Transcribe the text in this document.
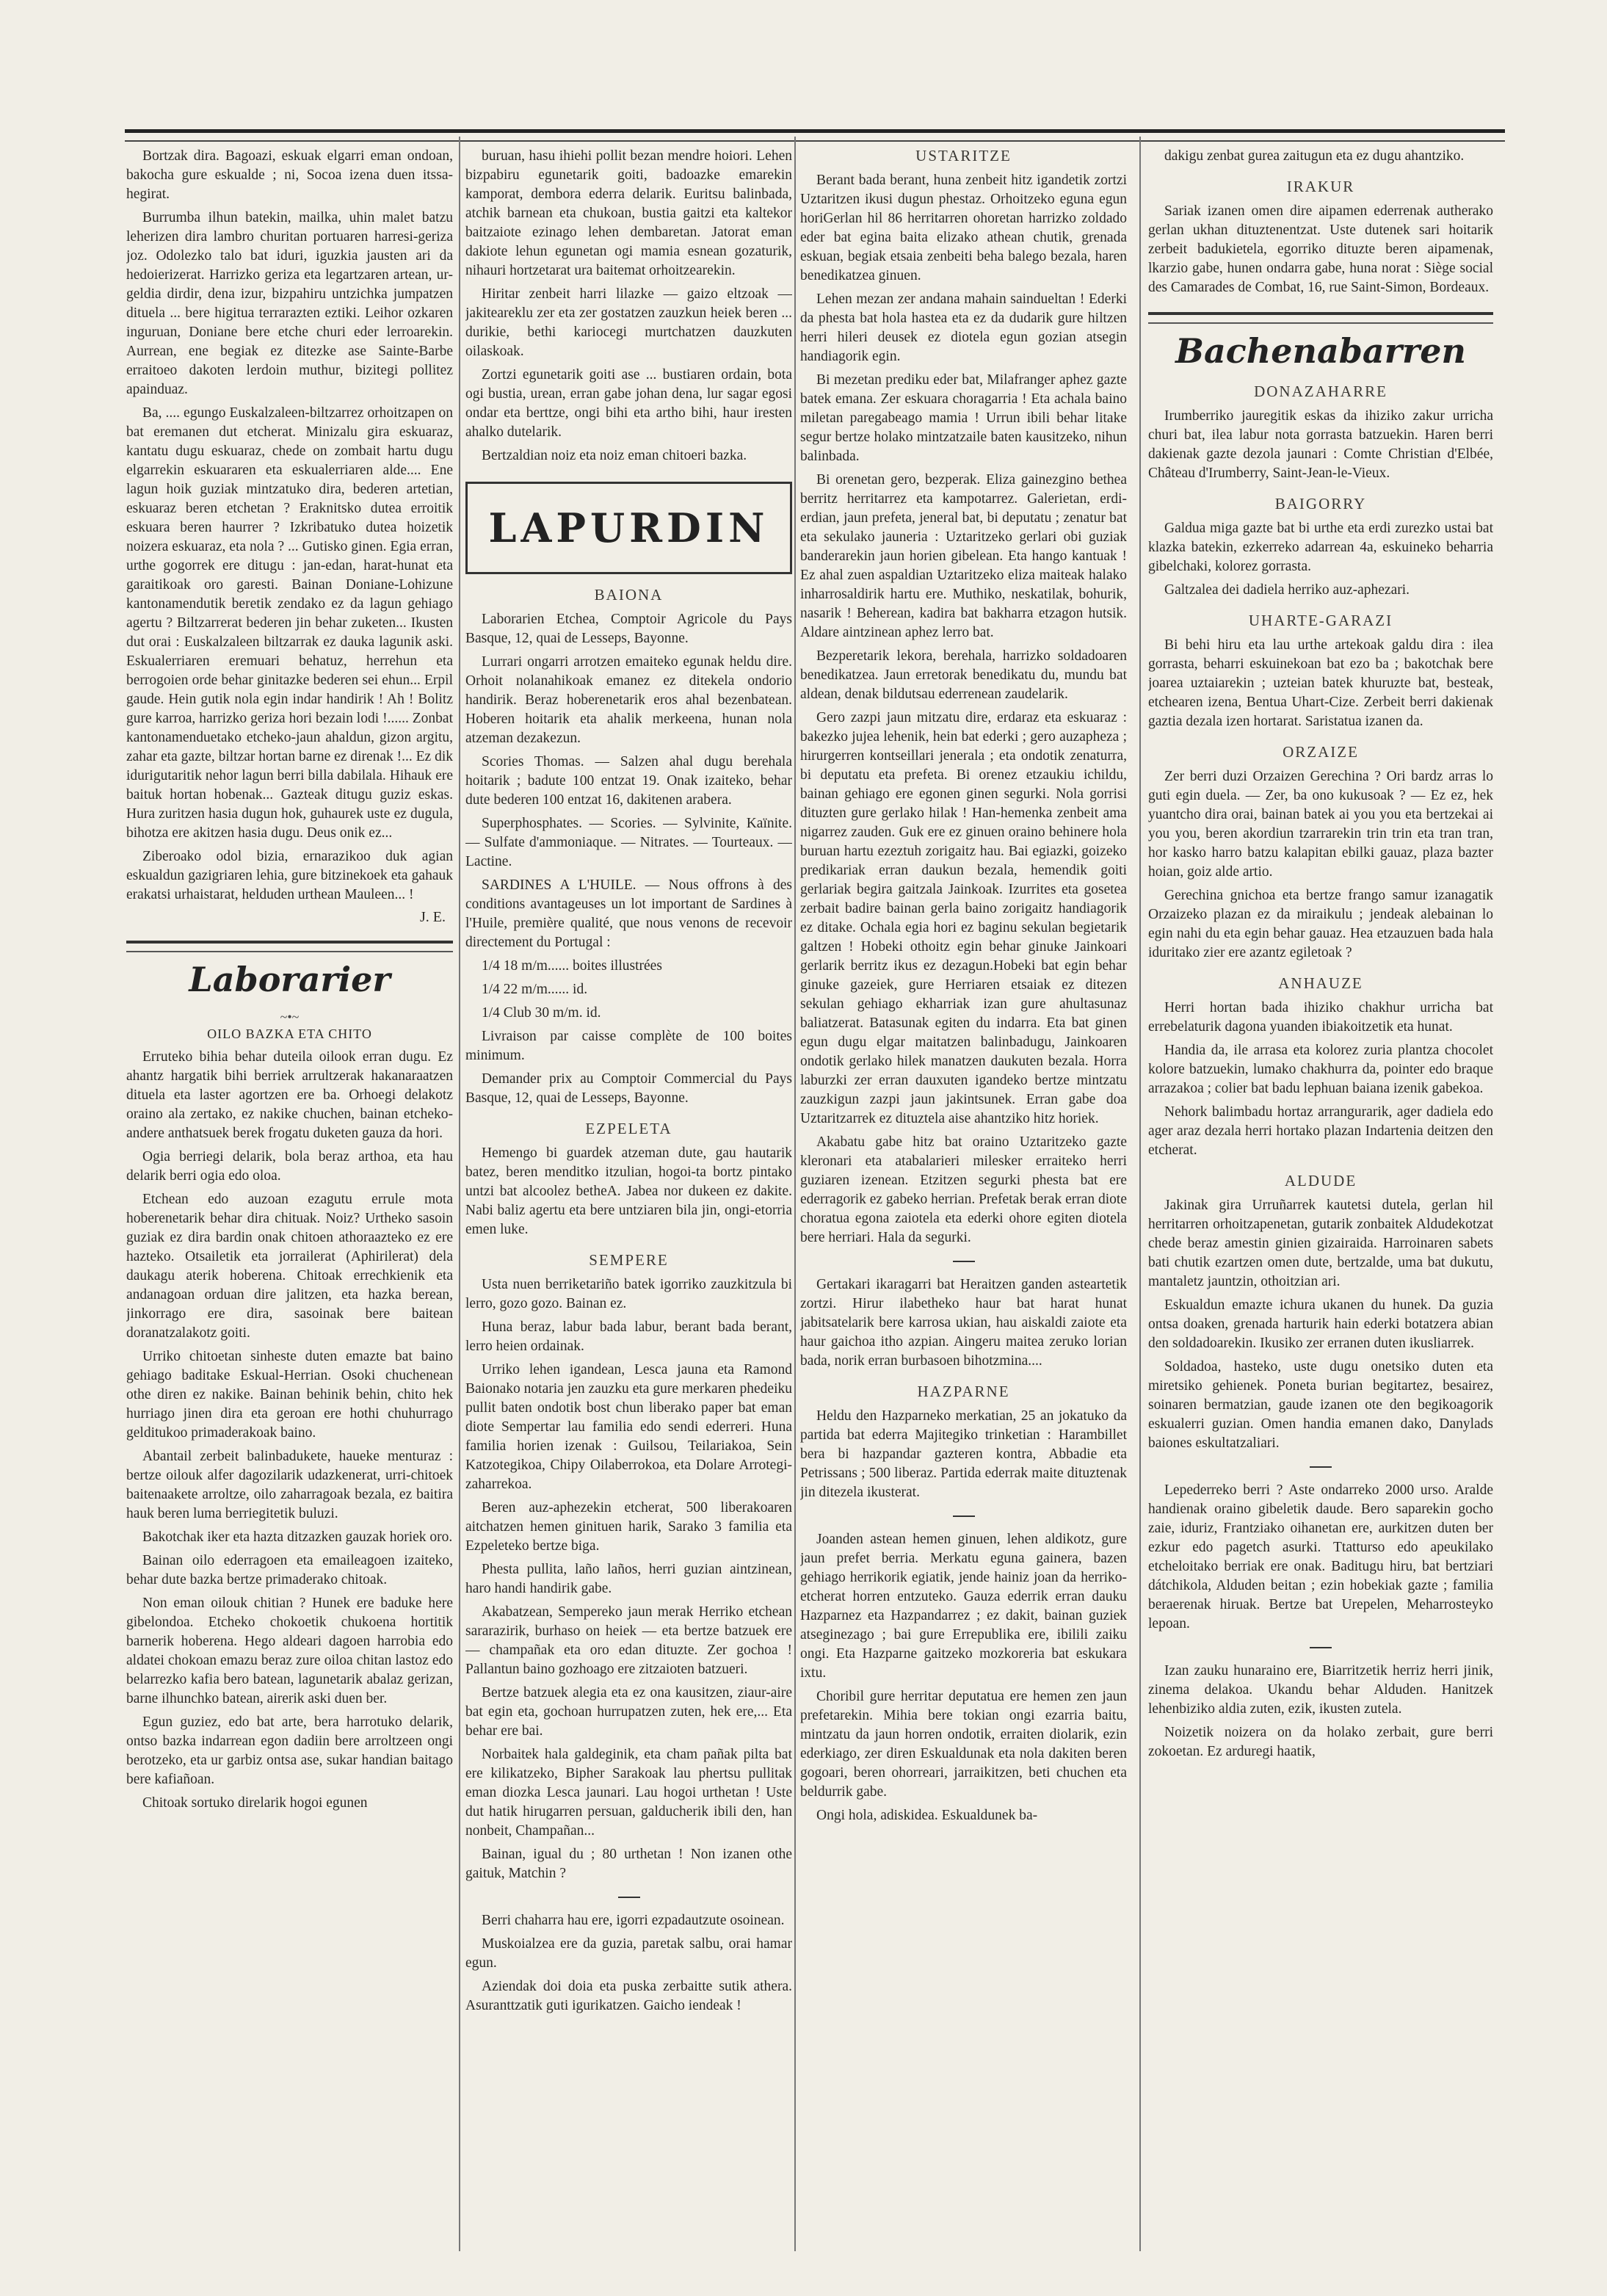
Bortzak dira. Bagoazi, eskuak elgarri eman ondoan, bakocha gure eskualde ; ni, Socoa izena duen itssa-hegirat.

Burrumba ilhun batekin, mailka, uhin malet batzu leherizen dira lambro churitan portuaren harresi-geriza joz. Odolezko talo bat iduri, iguzkia jausten ari da hedoierizerat. Harrizko geriza eta legartzaren artean, ur-geldia dirdir, dena izur, bizpahiru untzichka jumpatzen dituela ... bere higitua terrarazten eztiki. Leihor ozkaren inguruan, Doniane bere etche churi eder lerroarekin. Aurrean, ene begiak ez ditezke ase Sainte-Barbe erraitoeo dakoten lerdoin muthur, bizitegi pollitez apainduaz.

Ba, .... egungo Euskalzaleen-biltzarrez orhoitzapen on bat eremanen dut etcherat. Minizalu gira eskuaraz, kantatu dugu eskuaraz, chede on zombait hartu dugu elgarrekin eskuararen eta eskualerriaren alde.... Ene lagun hoik guziak mintzatuko dira, bederen artetian, eskuaraz beren etchetan ? Eraknitsko dutea erroitik eskuara beren haurrer ? Izkribatuko dutea hoizetik noizera eskuaraz, eta nola ? ... Gutisko ginen. Egia erran, urthe gogorrek ere ditugu : jan-edan, harat-hunat eta garaitikoak oro garesti. Bainan Doniane-Lohizune kantonamendutik beretik zendako ez da lagun gehiago agertu ? Biltzarrerat bederen jin behar zuketen... Ikusten dut orai : Euskalzaleen biltzarrak ez dauka lagunik aski. Eskualerriaren eremuari behatuz, herrehun eta berrogoien orde behar ginitazke bederen sei ehun... Erpil gaude. Hein gutik nola egin indar handirik ! Ah ! Bolitz gure karroa, harrizko geriza hori bezain lodi !...... Zonbat kantonamenduetako etcheko-jaun ahaldun, gizon argitu, zahar eta gazte, biltzar hortan barne ez direnak !... Ez dik idurigutaritik nehor lagun berri billa dabilala. Hihauk ere baituk hortan hobenak... Gazteak ditugu guziz eskas. Hura zuritzen hasia dugun hok, guhaurek uste ez dugula, bihotza ere akitzen hasia dugu. Deus onik ez...

Ziberoako odol bizia, ernarazikoo duk agian eskualdun gazigriaren lehia, gure bitzinekoek eta gahauk erakatsi urhaistarat, helduden urthean Mauleen... !

J. E.
Laborarier
~•~
OILO BAZKA ETA CHITO

Erruteko bihia behar duteila oilook erran dugu. Ez ahantz hargatik bihi berriek arrultzerak hakanaraatzen dituela eta laster agortzen ere ba. Orhoegi delakotz oraino ala zertako, ez nakike chuchen, bainan etcheko-andere anthatsuek berek frogatu duketen gauza da hori.

Ogia berriegi delarik, bola beraz arthoa, eta hau delarik berri ogia edo oloa.

Etchean edo auzoan ezagutu errule mota hoberenetarik behar dira chituak. Noiz? Urtheko sasoin guziak ez dira bardin onak chitoen athoraazteko ez ere hazteko. Otsailetik eta jorrailerat (Aphirilerat) dela daukagu aterik hoberena. Chitoak errechkienik eta andanagoan orduan dire jalitzen, eta hazka berean, jinkorrago ere dira, sasoinak bere baitean doranatzalakotz goiti.

Urriko chitoetan sinheste duten emazte bat baino gehiago baditake Eskual-Herrian. Osoki chuchenean othe diren ez nakike. Bainan behinik behin, chito hek hurriago jinen dira eta geroan ere hothi chuhurrago gelditukoo primaderakoak baino.

Abantail zerbeit balinbadukete, haueke menturaz : bertze oilouk alfer dagozilarik udazkenerat, urri-chitoek baitenaakete arroltze, oilo zaharragoak bezala, ez baitira hauk beren luma berriegitetik buluzi.

Bakotchak iker eta hazta ditzazken gauzak horiek oro.

Bainan oilo ederragoen eta emaileagoen izaiteko, behar dute bazka bertze primaderako chitoak.

Non eman oilouk chitian ? Hunek ere baduke here gibelondoa. Etcheko chokoetik chukoena hortitik barnerik hoberena. Hego aldeari dagoen harrobia edo aldatei chokoan emazu beraz zure oiloa chitan lastoz edo belarrezko kafia bero batean, lagunetarik abalaz gerizan, barne ilhunchko batean, airerik aski duen ber.

Egun guziez, edo bat arte, bera harrotuko delarik, ontso bazka indarrean egon dadiin bere arroltzeen ongi berotzeko, eta ur garbiz ontsa ase, sukar handian baitago bere kafiañoan.

Chitoak sortuko direlarik hogoi egunen

buruan, hasu ihiehi pollit bezan mendre hoiori. Lehen bizpabiru egunetarik goiti, badoazke emarekin kamporat, dembora ederra delarik. Euritsu balinbada, atchik barnean eta chukoan, bustia gaitzi eta kaltekor baitzaiote ezinago lehen dembaretan. Jatorat eman dakiote lehun egunetan ogi mamia esnean gozaturik, nihauri hortzetarat ura baitemat orhoitzearekin.

Hiritar zenbeit harri lilazke — gaizo eltzoak — jakiteareklu zer eta zer gostatzen zauzkun heiek beren ... durikie, bethi kariocegi murtchatzen dauzkuten oilaskoak.

Zortzi egunetarik goiti ase ... bustiaren ordain, bota ogi bustia, urean, erran gabe johan dena, lur sagar egosi ondar eta berttze, ongi bihi eta artho bihi, haur iresten ahalko dutelarik.

Bertzaldian noiz eta noiz eman chitoeri bazka.

LAPURDIN
BAIONA

Laborarien Etchea, Comptoir Agricole du Pays Basque, 12, quai de Lesseps, Bayonne.

Lurrari ongarri arrotzen emaiteko egunak heldu dire. Orhoit nolanahikoak emanez ez ditekela ondorio handirik. Beraz hoberenetarik eros ahal bezenbatean. Hoberen hoitarik eta ahalik merkeena, hunan nola atzeman dezakezun.

Scories Thomas. — Salzen ahal dugu berehala hoitarik ; badute 100 entzat 19. Onak izaiteko, behar dute bederen 100 entzat 16, dakitenen arabera.

Superphosphates. — Scories. — Sylvinite, Kaïnite. — Sulfate d'ammoniaque. — Nitrates. — Tourteaux. — Lactine.

SARDINES A L'HUILE. — Nous offrons à des conditions avantageuses un lot important de Sardines à l'Huile, première qualité, que nous venons de recevoir directement du Portugal :

1/4 18 m/m...... boites illustrées

1/4 22 m/m...... id.

1/4 Club 30 m/m. id.

Livraison par caisse complète de 100 boites minimum.

Demander prix au Comptoir Commercial du Pays Basque, 12, quai de Lesseps, Bayonne.

EZPELETA

Hemengo bi guardek atzeman dute, gau hautarik batez, beren menditko itzulian, hogoi-ta bortz pintako untzi bat alcoolez betheA. Jabea nor dukeen ez dakite. Nabi baliz agertu eta bere untziaren bila jin, ongi-etorria emen luke.

SEMPERE

Usta nuen berriketariño batek igorriko zauzkitzula bi lerro, gozo gozo. Bainan ez.

Huna beraz, labur bada labur, berant bada berant, lerro heien ordainak.

Urriko lehen igandean, Lesca jauna eta Ramond Baionako notaria jen zauzku eta gure merkaren phedeiku pullit baten ondotik bost chun liberako paper bat eman diote Sempertar lau familia edo sendi ederreri. Huna familia horien izenak : Guilsou, Teilariakoa, Sein Katzotegikoa, Chipy Oilaberrokoa, eta Dolare Arrotegi-zaharrekoa.

Beren auz-aphezekin etcherat, 500 liberakoaren aitchatzen hemen ginituen harik, Sarako 3 familia eta Ezpeleteko bertze biga.

Phesta pullita, laño laños, herri guzian aintzinean, haro handi handirik gabe.

Akabatzean, Sempereko jaun merak Herriko etchean sararazirik, burhaso on heiek — eta bertze batzuek ere — champañak eta oro edan dituzte. Zer gochoa ! Pallantun baino gozhoago ere zitzaioten batzueri.

Bertze batzuek alegia eta ez ona kausitzen, ziaur-aire bat egin eta, gochoan hurrupatzen zuten, hek ere,... Eta behar ere bai.

Norbaitek hala galdeginik, eta cham pañak pilta bat ere kilikatzeko, Bipher Sarakoak lau phertsu pullitak eman diozka Lesca jaunari. Lau hogoi urthetan ! Uste dut hatik hirugarren persuan, galducherik ibili den, han nonbeit, Champañan...

Bainan, igual du ; 80 urthetan ! Non izanen othe gaituk, Matchin ?

Berri chaharra hau ere, igorri ezpadautzute osoinean.

Muskoialzea ere da guzia, paretak salbu, orai hamar egun.

Aziendak doi doia eta puska zerbaitte sutik athera. Asuranttzatik guti igurikatzen. Gaicho iendeak !

USTARITZE

Berant bada berant, huna zenbeit hitz igandetik zortzi Uztaritzen ikusi dugun phestaz. Orhoitzeko eguna egun horiGerlan hil 86 herritarren ohoretan harrizko zoldado eder bat egina baita elizako athean chutik, grenada eskuan, begiak etsaia zenbeiti beha balego bezala, haren benedikatzea ginuen.

Lehen mezan zer andana mahain saindueltan ! Ederki da phesta bat hola hastea eta ez da dudarik gure hiltzen herri hileri deusek ez diotela egun gozian atsegin handiagorik egin.

Bi mezetan prediku eder bat, Milafranger aphez gazte batek emana. Zer eskuara choragarria ! Eta achala baino miletan paregabeago mamia ! Urrun ibili behar litake segur bertze holako mintzatzaile baten kausitzeko, nihun balinbada.

Bi orenetan gero, bezperak. Eliza gainezgino bethea berritz herritarrez eta kampotarrez. Galerietan, erdi-erdian, jaun prefeta, jeneral bat, bi deputatu ; zenatur bat eta sekulako jauneria : Uztaritzeko gerlari obi guziak banderarekin jaun horien gibelean. Eta hango kantuak ! Ez ahal zuen aspaldian Uztaritzeko eliza maiteak halako inharrosaldirik hartu ere. Muthiko, neskatilak, bohurik, nasarik ! Beherean, kadira bat bakharra etzagon hutsik. Aldare aintzinean aphez lerro bat.

Bezperetarik lekora, berehala, harrizko soldadoaren benedikatzea. Jaun erretorak benedikatu du, mundu bat aldean, denak bildutsau ederrenean zaudelarik.

Gero zazpi jaun mitzatu dire, erdaraz eta eskuaraz : bakezko jujea lehenik, hein bat ederki ; gero auzapheza ; hirurgerren kontseillari jenerala ; eta ondotik zenaturra, bi deputatu eta prefeta. Bi orenez etzaukiu ichildu, bainan gehiago ere egonen ginen segurki. Nola gorrisi dituzten gure gerlako hilak ! Han-hemenka zenbeit ama nigarrez zauden. Guk ere ez ginuen oraino behinere hola buruan hartu ezeztuh zorigaitz hau. Bai egiazki, goizeko predikariak erran daukun bezala, hemendik goiti gerlariak begira gaitzala Jainkoak. Izurrites eta gosetea zerbait badire bainan gerla baino zorigaitz handiagorik ez ditake. Ochala egia hori ez baginu sekulan begietarik galtzen ! Hobeki othoitz egin behar ginuke Jainkoari gerlarik berritz ikus ez dezagun.Hobeki bat egin behar ginuke gazeiek, gure Herriaren etsaiak ez ditezen sekulan gehiago ekharriak izan gure ahultasunaz baliatzerat. Batasunak egiten du indarra. Eta bat ginen egun dugu elgar maitatzen balinbadugu, Jainkoaren ondotik gerlako hilek manatzen daukuten bezala. Horra laburzki zer erran dauxuten igandeko bertze mintzatu zauzkigun zazpi jaun jakintsunek. Erran gabe doa Uztaritzarrek ez dituztela aise ahantziko hitz horiek.

Akabatu gabe hitz bat oraino Uztaritzeko gazte kleronari eta atabalarieri milesker erraiteko herri guziaren izenean. Etzitzen segurki phesta bat ere ederragorik ez gabeko herrian. Prefetak berak erran diote choratua egona zaiotela eta ederki ohore egiten diotela bere herriari. Hala da segurki.

Gertakari ikaragarri bat Heraitzen ganden asteartetik zortzi. Hirur ilabetheko haur bat harat hunat jabitsatelarik bere karrosa ukian, hau aiskaldi zaiote eta haur gaichoa itho azpian. Aingeru maitea zeruko lorian bada, norik erran burbasoen bihotzmina....

HAZPARNE

Heldu den Hazparneko merkatian, 25 an jokatuko da partida bat ederra Majitegiko trinketian : Harambillet bera bi hazpandar gazteren kontra, Abbadie eta Petrissans ; 500 liberaz. Partida ederrak maite dituztenak jin ditezela ikusterat.

Joanden astean hemen ginuen, lehen aldikotz, gure jaun prefet berria. Merkatu eguna gainera, bazen gehiago herrikorik egiatik, jende hainiz joan da herriko-etcherat horren entzuteko. Gauza ederrik erran dauku Hazparnez eta Hazpandarrez ; ez dakit, bainan guziek atseginezago ; bai gure Errepublika ere, ibilili zaiku ongi. Eta Hazparne gaitzeko mozkoreria bat eskukara ixtu.

Choribil gure herritar deputatua ere hemen zen jaun prefetarekin. Mihia bere tokian ongi ezarria baitu, mintzatu da jaun horren ondotik, erraiten diolarik, ezin ederkiago, zer diren Eskualdunak eta nola dakiten beren gogoari, beren ohorreari, jarraikitzen, beti chuchen eta beldurrik gabe.

Ongi hola, adiskidea. Eskualdunek ba-

dakigu zenbat gurea zaitugun eta ez dugu ahantziko.

IRAKUR

Sariak izanen omen dire aipamen ederrenak autherako gerlan ukhan dituztenentzat. Uste dutenek sari hoitarik zerbeit badukietela, egorriko dituzte beren aipamenak, lkarzio gabe, hunen ondarra gabe, huna norat : Siège social des Camarades de Combat, 16, rue Saint-Simon, Bordeaux.

Bachenabarren
DONAZAHARRE

Irumberriko jauregitik eskas da ihiziko zakur urricha churi bat, ilea labur nota gorrasta batzuekin. Haren berri dakienak gazte dezola jaunari : Comte Christian d'Elbée, Château d'Irumberry, Saint-Jean-le-Vieux.

BAIGORRY

Galdua miga gazte bat bi urthe eta erdi zurezko ustai bat klazka batekin, ezkerreko adarrean 4a, eskuineko beharria gibelchaki, kolorez gorrasta.

Galtzalea dei dadiela herriko auz-aphezari.

UHARTE-GARAZI

Bi behi hiru eta lau urthe artekoak galdu dira : ilea gorrasta, beharri eskuinekoan bat ezo ba ; bakotchak bere joarea uztaiarekin ; uzteian batek khuruzte bat, besteak, etchearen izena, Bentua Uhart-Cize. Zerbeit berri dakienak gaztia dezala izen hortarat. Saristatua izanen da.

ORZAIZE

Zer berri duzi Orzaizen Gerechina ? Ori bardz arras lo guti egin duela. — Zer, ba ono kukusoak ? — Ez ez, hek yuantcho dira orai, bainan batek ai you you eta bertzekai ai you you, beren akordiun tzarrarekin trin trin eta tran tran, hor kasko harro batzu kalapitan ebilki gauaz, plaza bazter hoian, goiz alde artio.

Gerechina gnichoa eta bertze frango samur izanagatik Orzaizeko plazan ez da miraikulu ; jendeak alebainan lo egin nahi du eta egin behar gauaz. Hea etzauzuen bada hala iduritako zier ere azantz egiletoak ?

ANHAUZE

Herri hortan bada ihiziko chakhur urricha bat errebelaturik dagona yuanden ibiakoitzetik eta hunat.

Handia da, ile arrasa eta kolorez zuria plantza chocolet kolore batzuekin, lumako chakhurra da, pointer edo braque arrazakoa ; colier bat badu lephuan baiana izenik gabekoa.

Nehork balimbadu hortaz arrangurarik, ager dadiela edo ager araz dezala herri hortako plazan Indartenia deitzen den etcherat.

ALDUDE

Jakinak gira Urruñarrek kautetsi dutela, gerlan hil herritarren orhoitzapenetan, gutarik zonbaitek Aldudekotzat chede beraz amestin ginien gizairaida. Harroinaren sabets bati chutik ezartzen omen dute, bertzalde, uma bat dukutu, mantaletz jauntzin, othoitzian ari.

Eskualdun emazte ichura ukanen du hunek. Da guzia ontsa doaken, grenada harturik hain ederki botatzera abian den soldadoarekin. Ikusiko zer erranen duten ikusliarrek.

Soldadoa, hasteko, uste dugu onetsiko duten eta miretsiko gehienek. Poneta burian begitartez, besairez, soinaren bermatzian, gaude izanen ote den begikoagorik eskualerri guzian. Omen handia emanen dako, Danylads baiones eskultatzaliari.

Lepederreko berri ? Aste ondarreko 2000 urso. Aralde handienak oraino gibeletik daude. Bero saparekin gocho zaie, iduriz, Frantziako oihanetan ere, aurkitzen duten ber ezkur edo pagetch asurki. Ttatturso edo apeukilako etcheloitako berriak ere onak. Baditugu hiru, bat bertziari dátchikola, Alduden beitan ; ezin hobekiak gazte ; familia beraerenak hiruak. Bertze bat Urepelen, Meharrosteyko lepoan.

Izan zauku hunaraino ere, Biarritzetik herriz herri jinik, zinema delakoa. Ukandu behar Alduden. Hanitzek lehenbiziko aldia zuten, ezik, ikusten zutela.

Noizetik noizera on da holako zerbait, gure berri zokoetan. Ez arduregi haatik,
